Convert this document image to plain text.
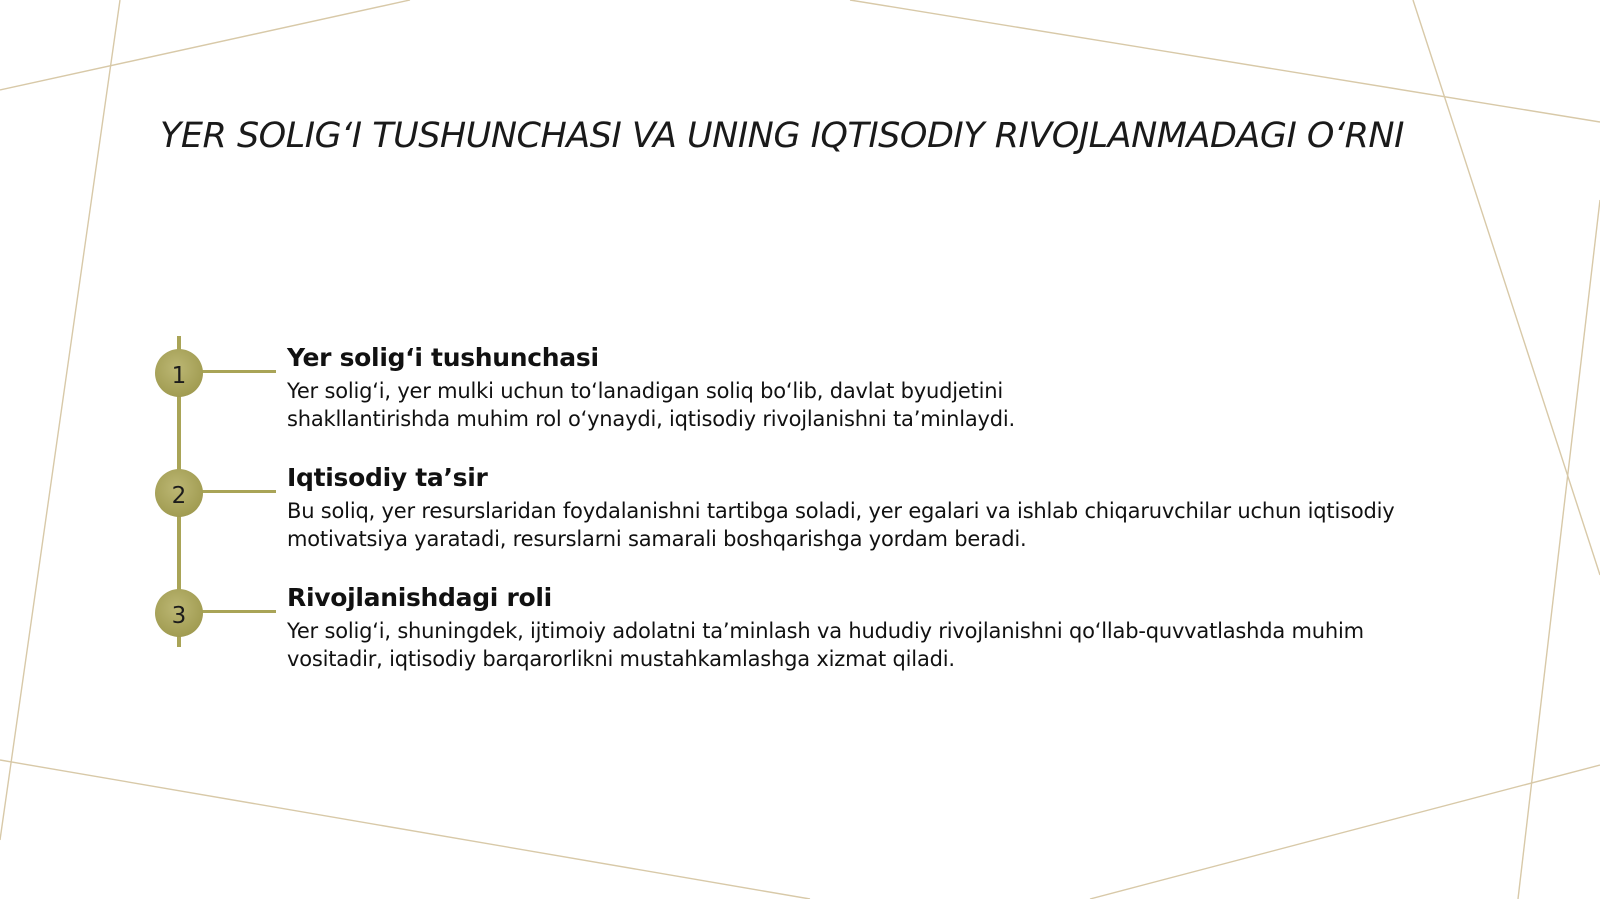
YER SOLIG‘I TUSHUNCHASI VA UNING IQTISODIY RIVOJLANMADAGI O‘RNI
1
Yer solig‘i tushunchasi

Yer solig‘i, yer mulki uchun to‘lanadigan soliq bo‘lib, davlat byudjetini
shakllantirishda muhim rol o‘ynaydi, iqtisodiy rivojlanishni ta’minlaydi.

2
Iqtisodiy ta’sir

Bu soliq, yer resurslaridan foydalanishni tartibga soladi, yer egalari va ishlab chiqaruvchilar uchun iqtisodiy
motivatsiya yaratadi, resurslarni samarali boshqarishga yordam beradi.

3
Rivojlanishdagi roli

Yer solig‘i, shuningdek, ijtimoiy adolatni ta’minlash va hududiy rivojlanishni qo‘llab-quvvatlashda muhim
vositadir, iqtisodiy barqarorlikni mustahkamlashga xizmat qiladi.
